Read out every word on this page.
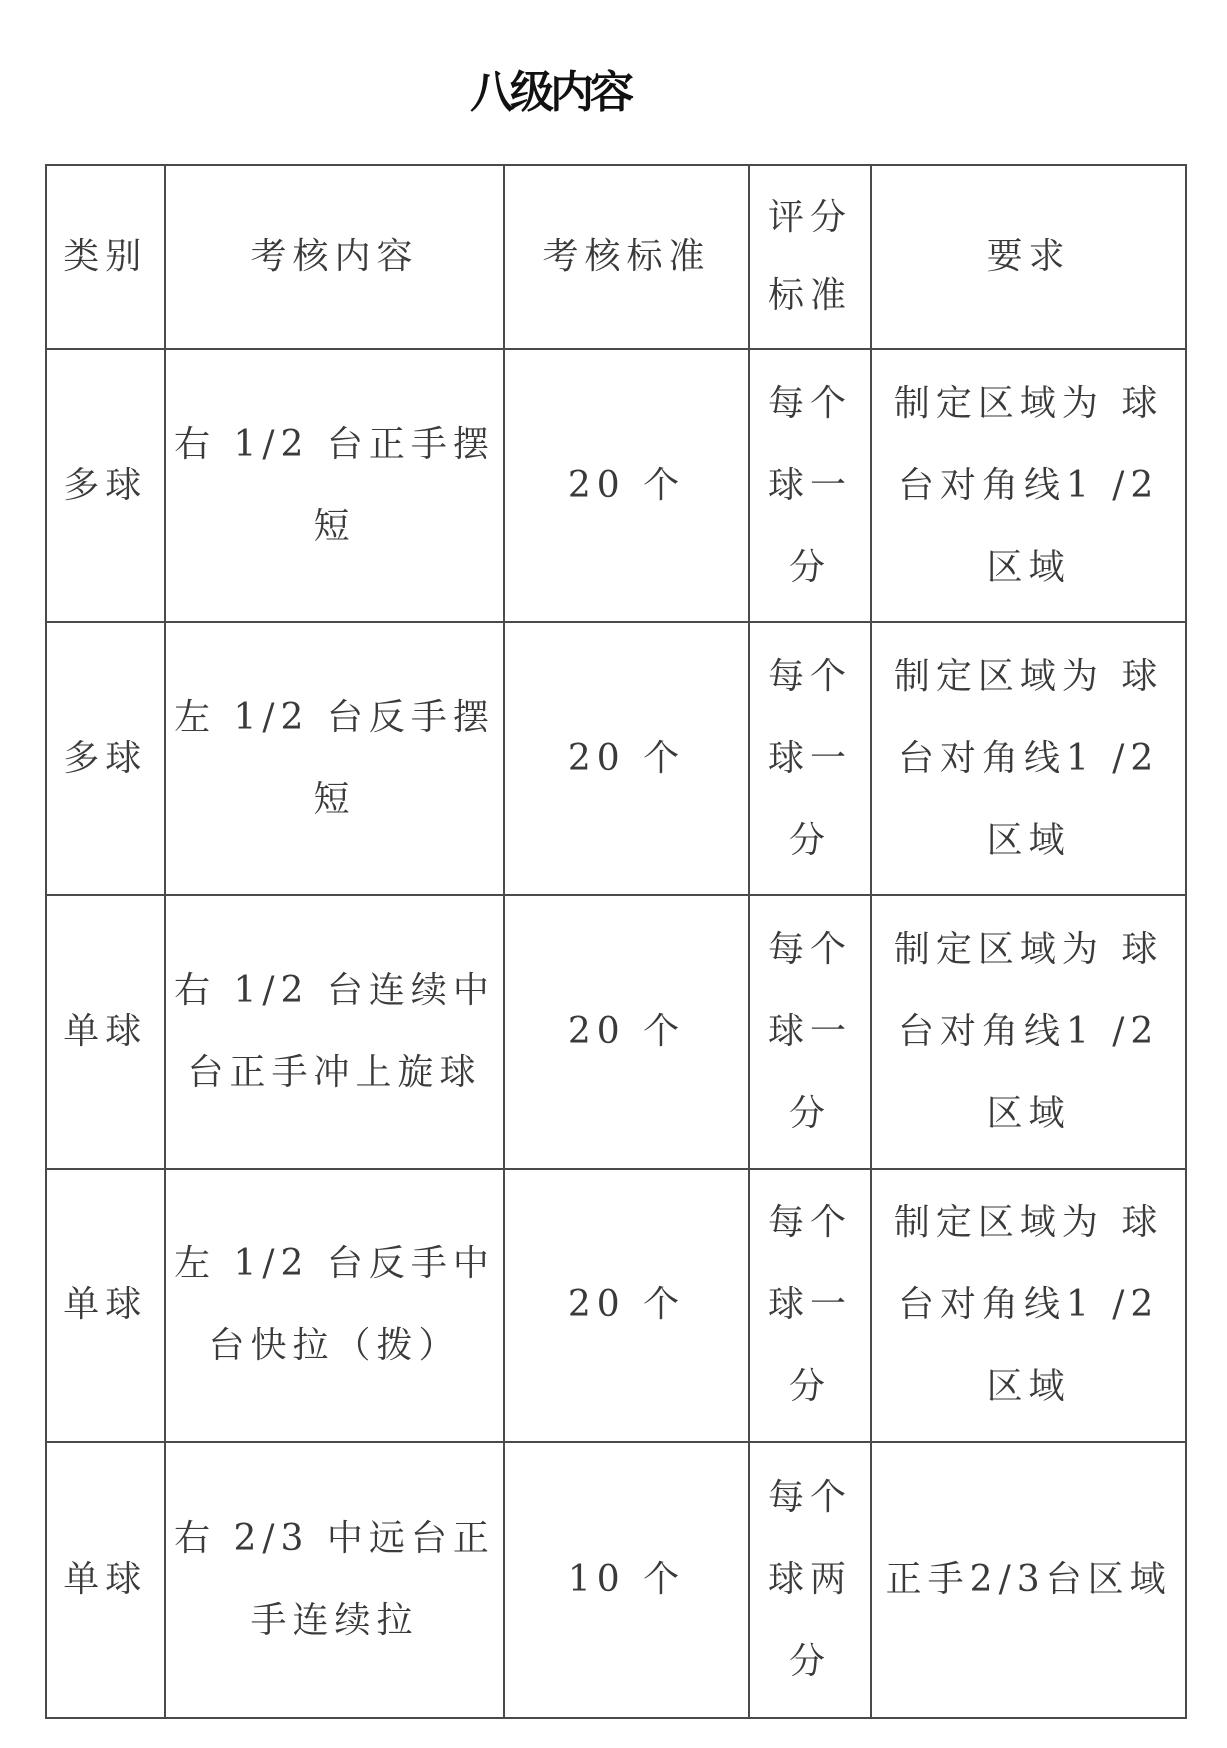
八级内容
类别	考核内容	考核标准	评分标准	要求
多球	右 1/2 台正手摆短	20 个	每个球一分	制定区域为 球台对角线1 /2 区域
多球	左 1/2 台反手摆短	20 个	每个球一分	制定区域为 球台对角线1 /2 区域
单球	右 1/2 台连续中台正手冲上旋球	20 个	每个球一分	制定区域为 球台对角线1 /2 区域
单球	左 1/2 台反手中台快拉（拨）	20 个	每个球一分	制定区域为 球台对角线1 /2 区域
单球	右 2/3 中远台正手连续拉	10 个	每个球两分	正手2/3台区域
